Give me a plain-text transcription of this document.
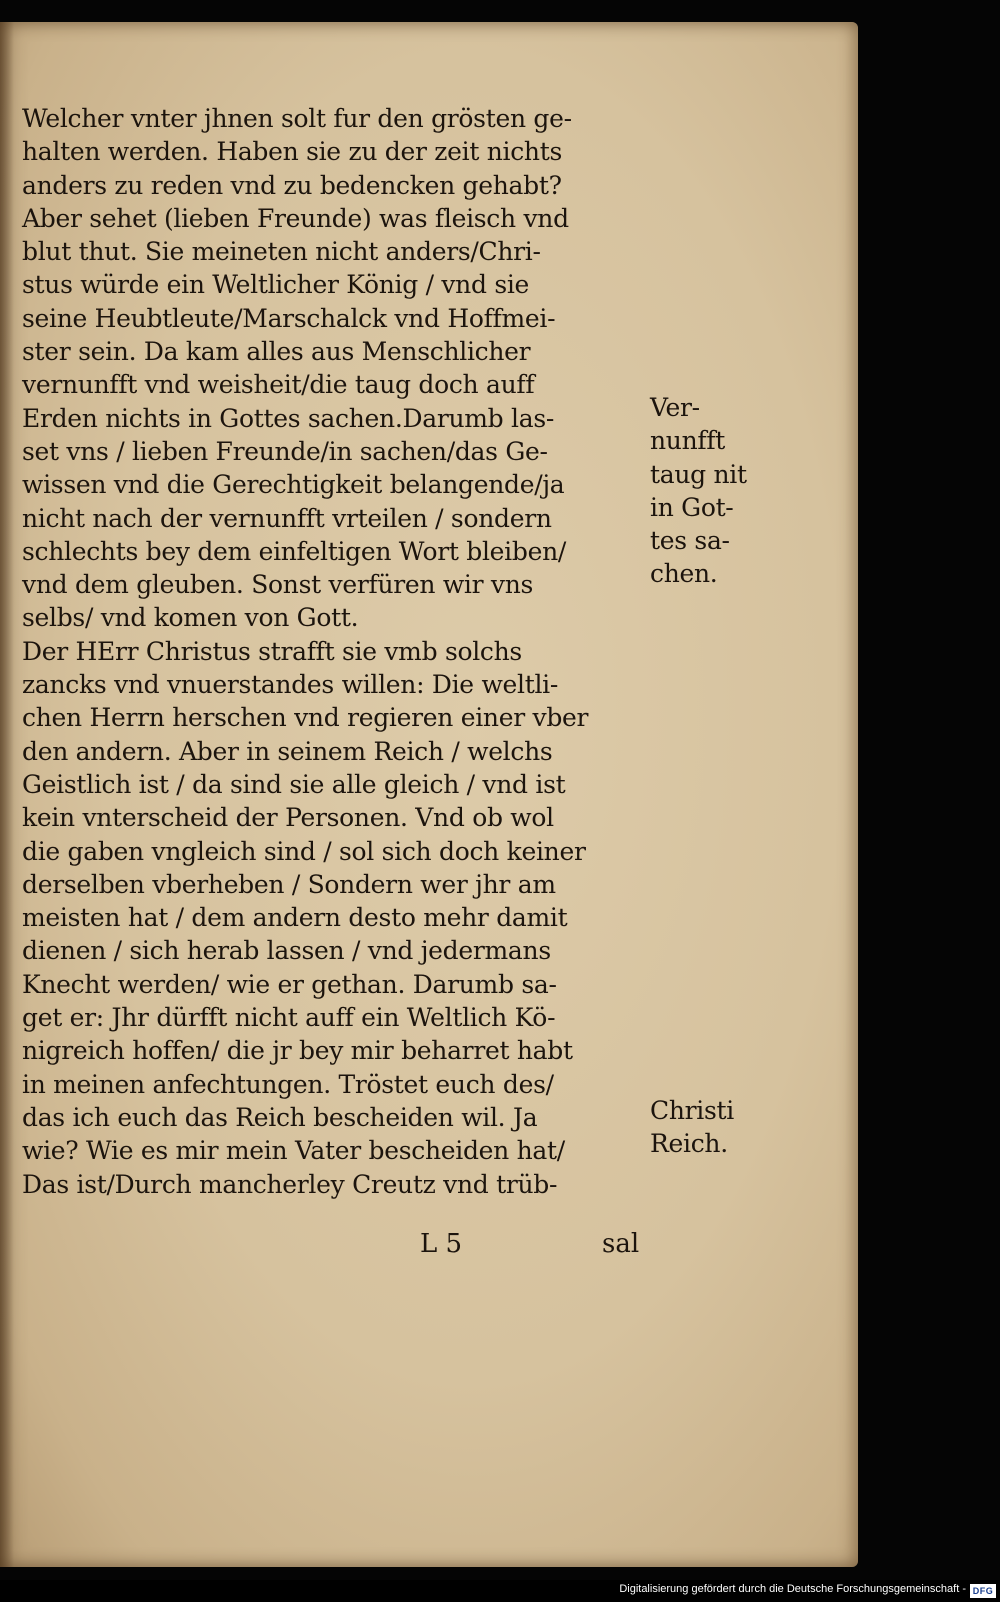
Welcher vnter jhnen solt fur den grösten ge-
halten werden. Haben sie zu der zeit nichts
anders zu reden vnd zu bedencken gehabt?
Aber sehet (lieben Freunde) was fleisch vnd
blut thut. Sie meineten nicht anders/Chri-
stus würde ein Weltlicher König / vnd sie
seine Heubtleute/Marschalck vnd Hoffmei-
ster sein. Da kam alles aus Menschlicher
vernunfft vnd weisheit/die taug doch auff
Erden nichts in Gottes sachen.Darumb las-
set vns / lieben Freunde/in sachen/das Ge-
wissen vnd die Gerechtigkeit belangende/ja
nicht nach der vernunfft vrteilen / sondern
schlechts bey dem einfeltigen Wort bleiben/
vnd dem gleuben. Sonst verfüren wir vns
selbs/ vnd komen von Gott.
Der HErr Christus strafft sie vmb solchs
zancks vnd vnuerstandes willen: Die weltli-
chen Herrn herschen vnd regieren einer vber
den andern. Aber in seinem Reich / welchs
Geistlich ist / da sind sie alle gleich / vnd ist
kein vnterscheid der Personen. Vnd ob wol
die gaben vngleich sind / sol sich doch keiner
derselben vberheben / Sondern wer jhr am
meisten hat / dem andern desto mehr damit
dienen / sich herab lassen / vnd jedermans
Knecht werden/ wie er gethan. Darumb sa-
get er: Jhr dürfft nicht auff ein Weltlich Kö-
nigreich hoffen/ die jr bey mir beharret habt
in meinen anfechtungen. Tröstet euch des/
das ich euch das Reich bescheiden wil. Ja
wie? Wie es mir mein Vater bescheiden hat/
Das ist/Durch mancherley Creutz vnd trüb-
Ver-
nunfft
taug nit
in Got-
tes sa-
chen.
Christi
Reich.
L 5	sal
Digitalisierung gefördert durch die Deutsche Forschungsgemeinschaft - DFG
